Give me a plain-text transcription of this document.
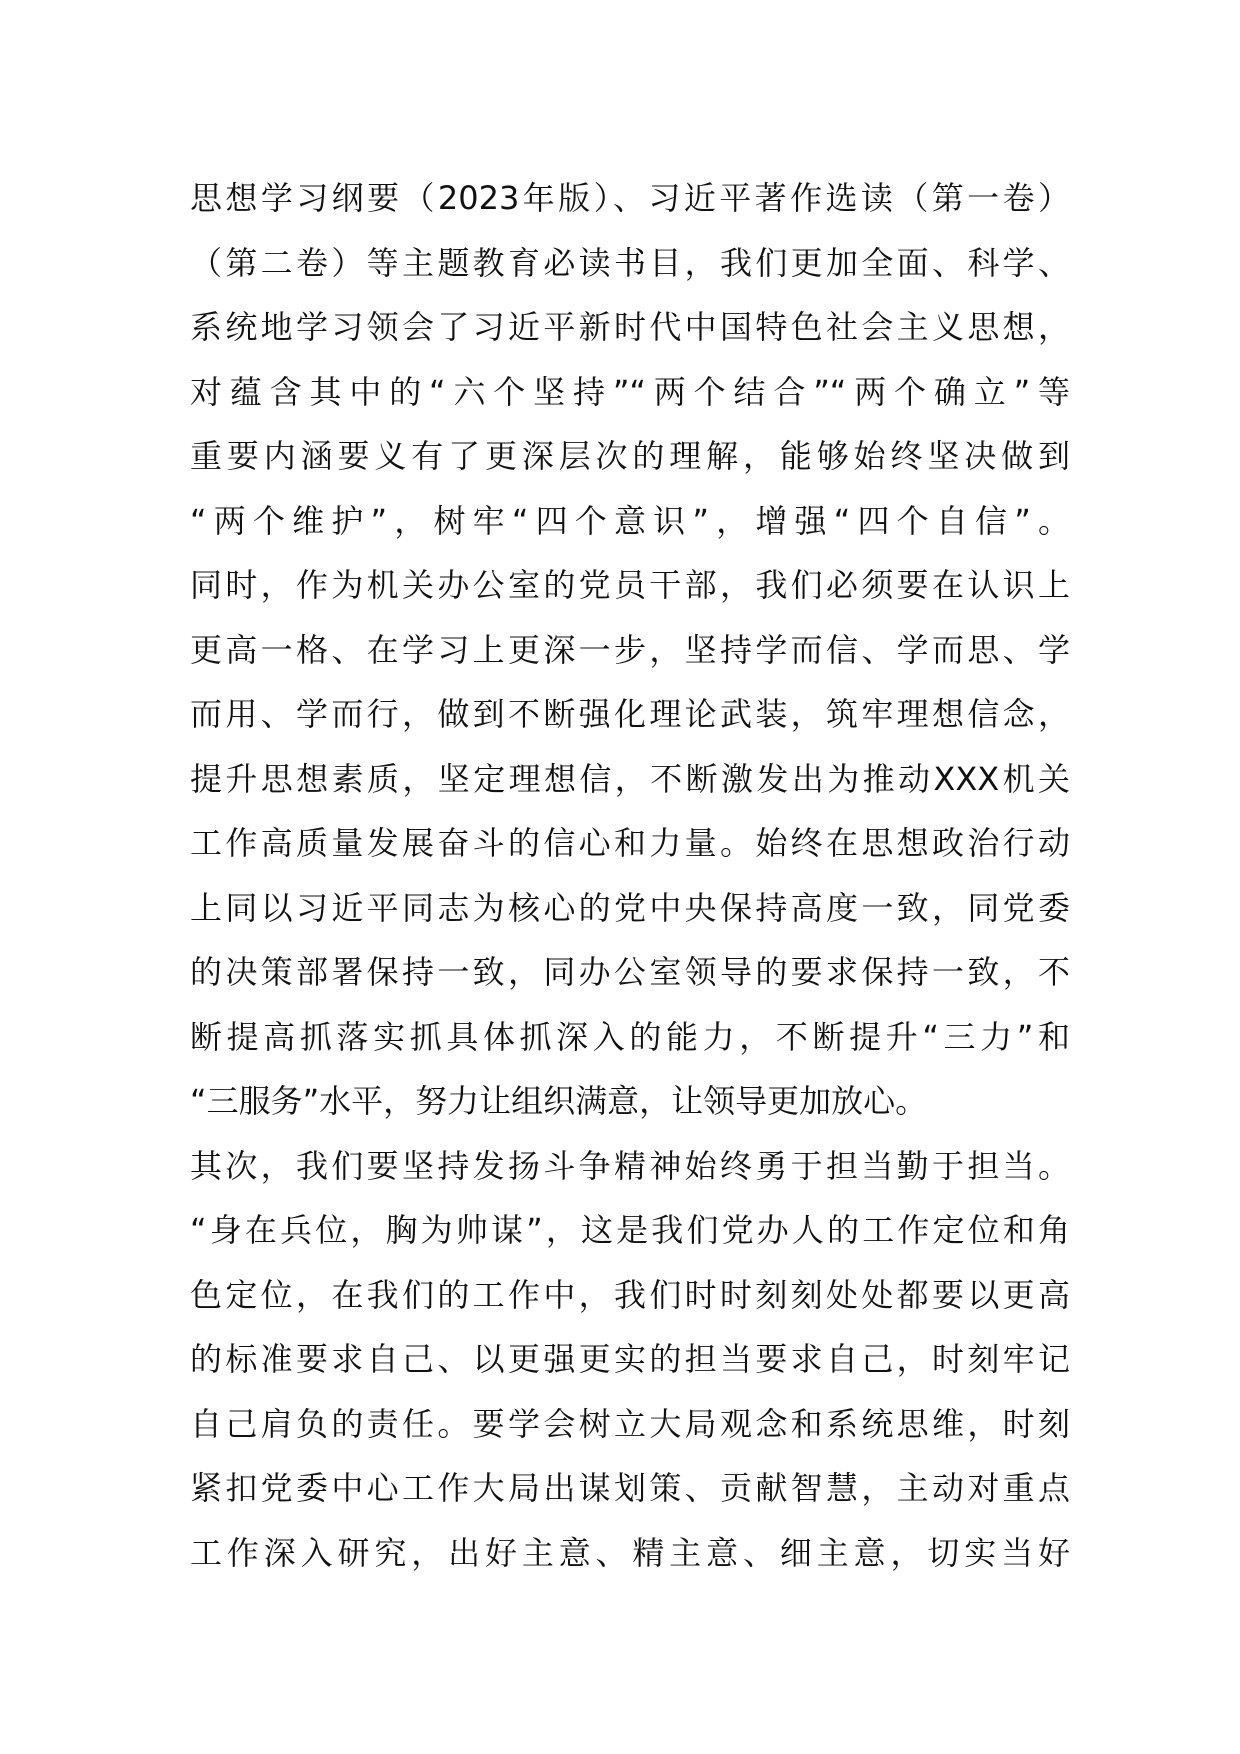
思想学习纲要（2023年版）、习近平著作选读（第一卷）
（第二卷）等主题教育必读书目，我们更加全面、科学、
系统地学习领会了习近平新时代中国特色社会主义思想，
对蕴含其中的“六个坚持”“两个结合”“两个确立”等
重要内涵要义有了更深层次的理解，能够始终坚决做到
“两个维护”，树牢“四个意识”，增强“四个自信”。
同时，作为机关办公室的党员干部，我们必须要在认识上
更高一格、在学习上更深一步，坚持学而信、学而思、学
而用、学而行，做到不断强化理论武装，筑牢理想信念，
提升思想素质，坚定理想信，不断激发出为推动XXX机关
工作高质量发展奋斗的信心和力量。始终在思想政治行动
上同以习近平同志为核心的党中央保持高度一致，同党委
的决策部署保持一致，同办公室领导的要求保持一致，不
断提高抓落实抓具体抓深入的能力，不断提升“三力”和
“三服务”水平，努力让组织满意，让领导更加放心。
其次，我们要坚持发扬斗争精神始终勇于担当勤于担当。
“身在兵位，胸为帅谋”，这是我们党办人的工作定位和角
色定位，在我们的工作中，我们时时刻刻处处都要以更高
的标准要求自己、以更强更实的担当要求自己，时刻牢记
自己肩负的责任。要学会树立大局观念和系统思维，时刻
紧扣党委中心工作大局出谋划策、贡献智慧，主动对重点
工作深入研究，出好主意、精主意、细主意，切实当好
